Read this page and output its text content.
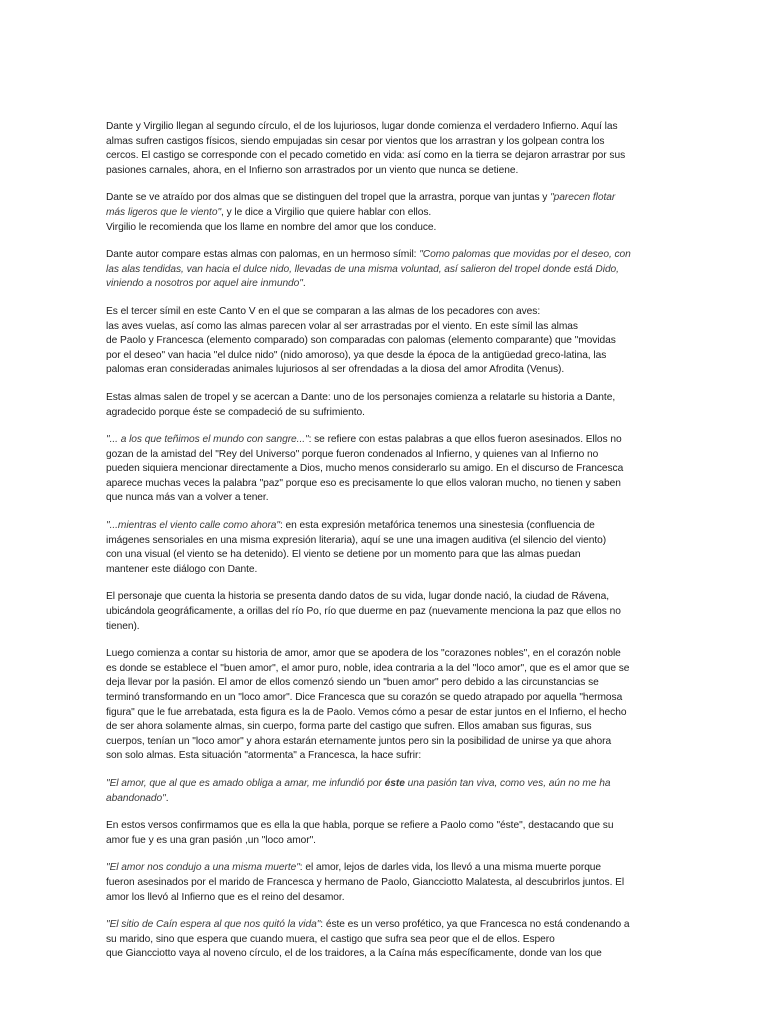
Dante y Virgilio llegan al segundo círculo, el de los lujuriosos, lugar donde comienza el verdadero Infierno. Aquí las
almas sufren castigos físicos, siendo empujadas sin cesar por vientos que los arrastran y los golpean contra los
cercos. El castigo se corresponde con el pecado cometido en vida: así como en la tierra se dejaron arrastrar por sus
pasiones carnales, ahora, en el Infierno son arrastrados por un viento que nunca se detiene.

Dante se ve atraído por dos almas que se distinguen del tropel que la arrastra, porque van juntas y "parecen flotar
más ligeros que le viento", y le dice a Virgilio que quiere hablar con ellos.
Virgilio le recomienda que los llame en nombre del amor que los conduce.

Dante autor compare estas almas con palomas, en un hermoso símil: "Como palomas que movidas por el deseo, con
las alas tendidas, van hacia el dulce nido, llevadas de una misma voluntad, así salieron del tropel donde está Dido,
viniendo a nosotros por aquel aire inmundo".

Es el tercer símil en este Canto V en el que se comparan a las almas de los pecadores con aves:
las aves vuelas, así como las almas parecen volar al ser arrastradas por el viento. En este símil las almas
de Paolo y Francesca (elemento comparado) son comparadas con palomas (elemento comparante) que "movidas
por el deseo" van hacia "el dulce nido" (nido amoroso), ya que desde la época de la antigüedad greco-latina, las
palomas eran consideradas animales lujuriosos al ser ofrendadas a la diosa del amor Afrodita (Venus).

Estas almas salen de tropel y se acercan a Dante: uno de los personajes comienza a relatarle su historia a Dante,
agradecido porque éste se compadeció de su sufrimiento.

"... a los que teñimos el mundo con sangre...": se refiere con estas palabras a que ellos fueron asesinados. Ellos no
gozan de la amistad del "Rey del Universo" porque fueron condenados al Infierno, y quienes van al Infierno no
pueden siquiera mencionar directamente a Dios, mucho menos considerarlo su amigo. En el discurso de Francesca
aparece muchas veces la palabra "paz" porque eso es precisamente lo que ellos valoran mucho, no tienen y saben
que nunca más van a volver a tener.

"...mientras el viento calle como ahora": en esta expresión metafórica tenemos una sinestesia (confluencia de
imágenes sensoriales en una misma expresión literaria), aquí se une una imagen auditiva (el silencio del viento)
con una visual (el viento se ha detenido). El viento se detiene por un momento para que las almas puedan
mantener este diálogo con Dante.

El personaje que cuenta la historia se presenta dando datos de su vida, lugar donde nació, la ciudad de Rávena,
ubicándola geográficamente, a orillas del río Po, río que duerme en paz (nuevamente menciona la paz que ellos no
tienen).

Luego comienza a contar su historia de amor, amor que se apodera de los "corazones nobles", en el corazón noble
es donde se establece el "buen amor", el amor puro, noble, idea contraria a la del "loco amor", que es el amor que se
deja llevar por la pasión. El amor de ellos comenzó siendo un "buen amor" pero debido a las circunstancias se
terminó transformando en un "loco amor". Dice Francesca que su corazón se quedo atrapado por aquella "hermosa
figura" que le fue arrebatada, esta figura es la de Paolo. Vemos cómo a pesar de estar juntos en el Infierno, el hecho
de ser ahora solamente almas, sin cuerpo, forma parte del castigo que sufren. Ellos amaban sus figuras, sus
cuerpos, tenían un "loco amor" y ahora estarán eternamente juntos pero sin la posibilidad de unirse ya que ahora
son solo almas. Esta situación "atormenta" a Francesca, la hace sufrir:

"El amor, que al que es amado obliga a amar, me infundió por éste una pasión tan viva, como ves, aún no me ha
abandonado".

En estos versos confirmamos que es ella la que habla, porque se refiere a Paolo como "éste", destacando que su
amor fue y es una gran pasión ,un "loco amor".

"El amor nos condujo a una misma muerte": el amor, lejos de darles vida, los llevó a una misma muerte porque
fueron asesinados por el marido de Francesca y hermano de Paolo, Giancciotto Malatesta, al descubrirlos juntos. El
amor los llevó al Infierno que es el reino del desamor.

"El sitio de Caín espera al que nos quitó la vida": éste es un verso profético, ya que Francesca no está condenando a
su marido, sino que espera que cuando muera, el castigo que sufra sea peor que el de ellos. Espero
que Giancciotto vaya al noveno círculo, el de los traidores, a la Caína más específicamente, donde van los que
